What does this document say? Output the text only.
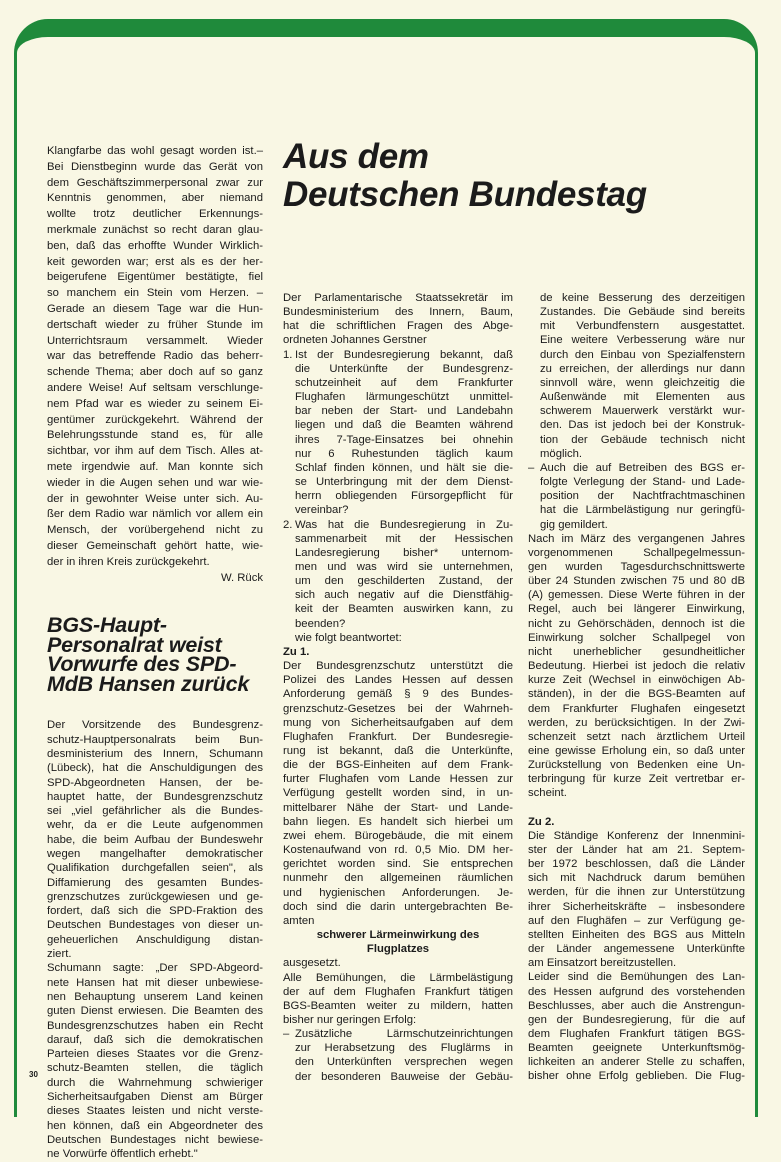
Aus dem
Deutschen Bundestag
Klangfarbe das wohl gesagt worden ist.–
Bei Dienstbeginn wurde das Gerät von
dem Geschäftszimmerpersonal zwar zur
Kenntnis genommen, aber niemand
wollte trotz deutlicher Erkennungs-
merkmale zunächst so recht daran glau-
ben, daß das erhoffte Wunder Wirklich-
keit geworden war; erst als es der her-
beigerufene Eigentümer bestätigte, fiel
so manchem ein Stein vom Herzen. –
Gerade an diesem Tage war die Hun-
dertschaft wieder zu früher Stunde im
Unterrichtsraum versammelt. Wieder
war das betreffende Radio das beherr-
schende Thema; aber doch auf so ganz
andere Weise! Auf seltsam verschlunge-
nem Pfad war es wieder zu seinem Ei-
gentümer zurückgekehrt. Während der
Belehrungsstunde stand es, für alle
sichtbar, vor ihm auf dem Tisch. Alles at-
mete irgendwie auf. Man konnte sich
wieder in die Augen sehen und war wie-
der in gewohnter Weise unter sich. Au-
ßer dem Radio war nämlich vor allem ein
Mensch, der vorübergehend nicht zu
dieser Gemeinschaft gehört hatte, wie-
der in ihren Kreis zurückgekehrt.
W. Rück
BGS-Haupt-
Personalrat weist
Vorwurfe des SPD-
MdB Hansen zurück
Der Vorsitzende des Bundesgrenz-
schutz-Hauptpersonalrats beim Bun-
desministerium des Innern, Schumann
(Lübeck), hat die Anschuldigungen des
SPD-Abgeordneten Hansen, der be-
hauptet hatte, der Bundesgrenzschutz
sei „viel gefährlicher als die Bundes-
wehr, da er die Leute aufgenommen
habe, die beim Aufbau der Bundeswehr
wegen mangelhafter demokratischer
Qualifikation durchgefallen seien", als
Diffamierung des gesamten Bundes-
grenzschutzes zurückgewiesen und ge-
fordert, daß sich die SPD-Fraktion des
Deutschen Bundestages von dieser un-
geheuerlichen Anschuldigung distan-
ziert.
Schumann sagte: „Der SPD-Abgeord-
nete Hansen hat mit dieser unbewiese-
nen Behauptung unserem Land keinen
guten Dienst erwiesen. Die Beamten des
Bundesgrenzschutzes haben ein Recht
darauf, daß sich die demokratischen
Parteien dieses Staates vor die Grenz-
schutz-Beamten stellen, die täglich
durch die Wahrnehmung schwieriger
Sicherheitsaufgaben Dienst am Bürger
dieses Staates leisten und nicht verste-
hen können, daß ein Abgeordneter des
Deutschen Bundestages nicht bewiese-
ne Vorwürfe öffentlich erhebt."
Der Parlamentarische Staatssekretär im
Bundesministerium des Innern, Baum,
hat die schriftlichen Fragen des Abge-
ordneten Johannes Gerstner
1. Ist der Bundesregierung bekannt, daß
die Unterkünfte der Bundesgrenz-
schutzeinheit auf dem Frankfurter
Flughafen lärmungeschützt unmittel-
bar neben der Start- und Landebahn
liegen und daß die Beamten während
ihres 7-Tage-Einsatzes bei ohnehin
nur 6 Ruhestunden täglich kaum
Schlaf finden können, und hält sie die-
se Unterbringung mit der dem Dienst-
herrn obliegenden Fürsorgepflicht für
vereinbar?
2. Was hat die Bundesregierung in Zu-
sammenarbeit mit der Hessischen
Landesregierung bisher* unternom-
men und was wird sie unternehmen,
um den geschilderten Zustand, der
sich auch negativ auf die Dienstfähig-
keit der Beamten auswirken kann, zu
beenden?
wie folgt beantwortet:
Zu 1.
Der Bundesgrenzschutz unterstützt die
Polizei des Landes Hessen auf dessen
Anforderung gemäß § 9 des Bundes-
grenzschutz-Gesetzes bei der Wahrneh-
mung von Sicherheitsaufgaben auf dem
Flughafen Frankfurt. Der Bundesregie-
rung ist bekannt, daß die Unterkünfte,
die der BGS-Einheiten auf dem Frank-
furter Flughafen vom Lande Hessen zur
Verfügung gestellt worden sind, in un-
mittelbarer Nähe der Start- und Lande-
bahn liegen. Es handelt sich hierbei um
zwei ehem. Bürogebäude, die mit einem
Kostenaufwand von rd. 0,5 Mio. DM her-
gerichtet worden sind. Sie entsprechen
nunmehr den allgemeinen räumlichen
und hygienischen Anforderungen. Je-
doch sind die darin untergebrachten Be-
amten
schwerer Lärmeinwirkung des
Flugplatzes
ausgesetzt.
Alle Bemühungen, die Lärmbelästigung
der auf dem Flughafen Frankfurt tätigen
BGS-Beamten weiter zu mildern, hatten
bisher nur geringen Erfolg:
– Zusätzliche Lärmschutzeinrichtungen
zur Herabsetzung des Fluglärms in
den Unterkünften versprechen wegen
der besonderen Bauweise der Gebäu-
de keine Besserung des derzeitigen
Zustandes. Die Gebäude sind bereits
mit Verbundfenstern ausgestattet.
Eine weitere Verbesserung wäre nur
durch den Einbau von Spezialfenstern
zu erreichen, der allerdings nur dann
sinnvoll wäre, wenn gleichzeitig die
Außenwände mit Elementen aus
schwerem Mauerwerk verstärkt wur-
den. Das ist jedoch bei der Konstruk-
tion der Gebäude technisch nicht
möglich.
– Auch die auf Betreiben des BGS er-
folgte Verlegung der Stand- und Lade-
position der Nachtfrachtmaschinen
hat die Lärmbelästigung nur geringfü-
gig gemildert.
Nach im März des vergangenen Jahres
vorgenommenen Schallpegelmessun-
gen wurden Tagesdurchschnittswerte
über 24 Stunden zwischen 75 und 80 dB
(A) gemessen. Diese Werte führen in der
Regel, auch bei längerer Einwirkung,
nicht zu Gehörschäden, dennoch ist die
Einwirkung solcher Schallpegel von
nicht unerheblicher gesundheitlicher
Bedeutung. Hierbei ist jedoch die relativ
kurze Zeit (Wechsel in einwöchigen Ab-
ständen), in der die BGS-Beamten auf
dem Frankfurter Flughafen eingesetzt
werden, zu berücksichtigen. In der Zwi-
schenzeit setzt nach ärztlichem Urteil
eine gewisse Erholung ein, so daß unter
Zurückstellung von Bedenken eine Un-
terbringung für kurze Zeit vertretbar er-
scheint.
Zu 2.
Die Ständige Konferenz der Innenmini-
ster der Länder hat am 21. Septem-
ber 1972 beschlossen, daß die Länder
sich mit Nachdruck darum bemühen
werden, für die ihnen zur Unterstützung
ihrer Sicherheitskräfte – insbesondere
auf den Flughäfen – zur Verfügung ge-
stellten Einheiten des BGS aus Mitteln
der Länder angemessene Unterkünfte
am Einsatzort bereitzustellen.
Leider sind die Bemühungen des Lan-
des Hessen aufgrund des vorstehenden
Beschlusses, aber auch die Anstrengun-
gen der Bundesregierung, für die auf
dem Flughafen Frankfurt tätigen BGS-
Beamten geeignete Unterkunftsmög-
lichkeiten an anderer Stelle zu schaffen,
bisher ohne Erfolg geblieben. Die Flug-
30
